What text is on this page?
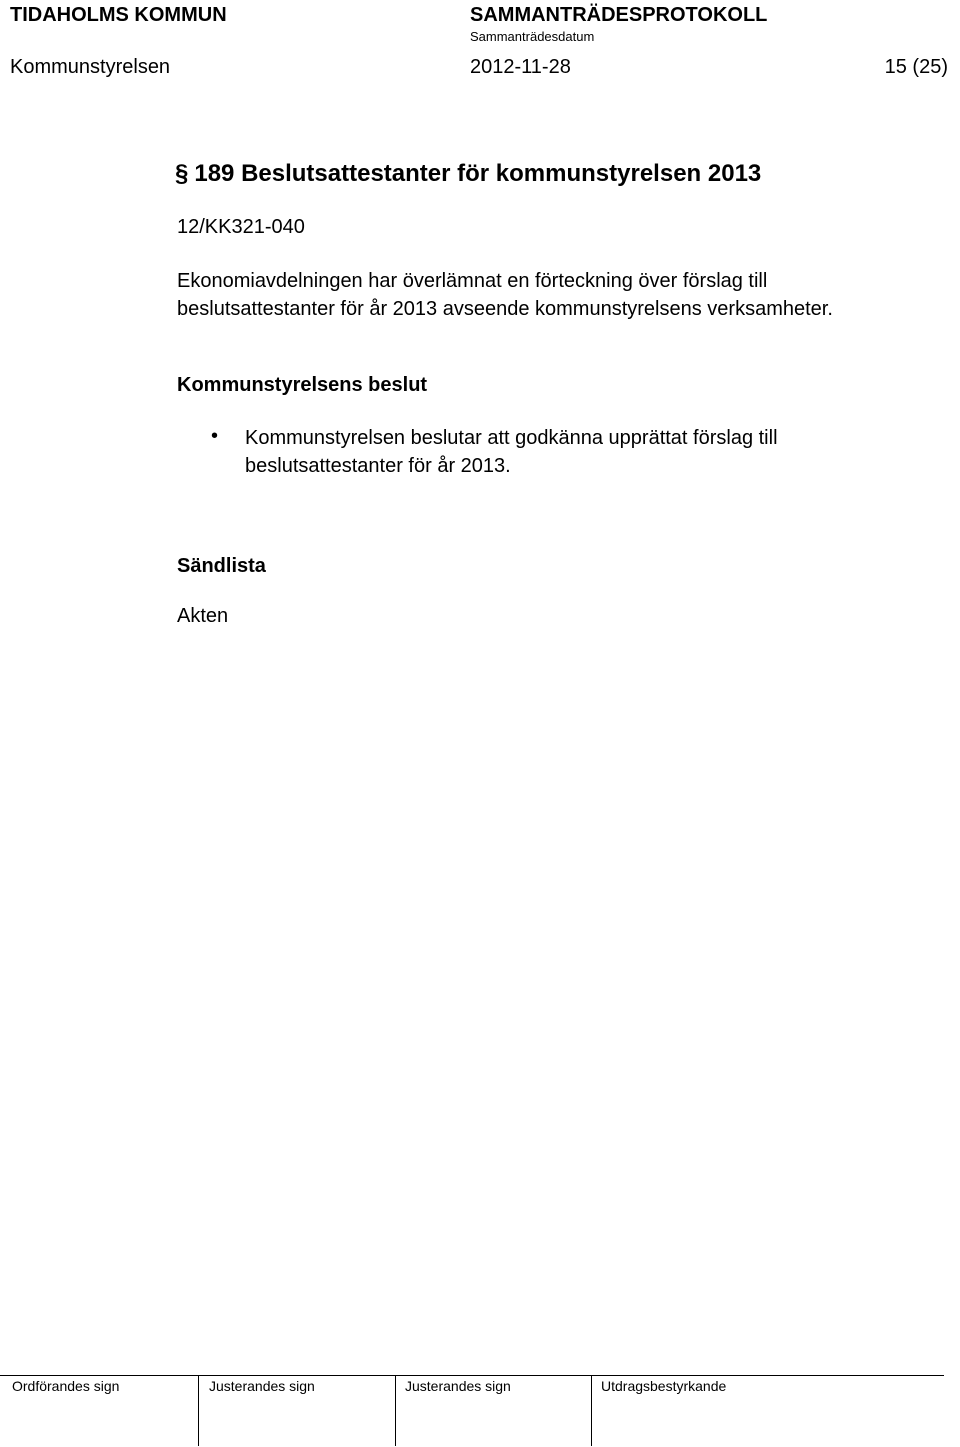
TIDAHOLMS KOMMUN	SAMMANTRÄDESPROTOKOLL
Sammanträdesdatum
Kommunstyrelsen	2012-11-28	15 (25)
§ 189 Beslutsattestanter för kommunstyrelsen 2013
12/KK321-040
Ekonomiavdelningen har överlämnat en förteckning över förslag till beslutsattestanter för år 2013 avseende kommunstyrelsens verksamheter.
Kommunstyrelsens beslut
• Kommunstyrelsen beslutar att godkänna upprättat förslag till beslutsattestanter för år 2013.
Sändlista
Akten
Ordförandes sign	Justerandes sign	Justerandes sign	Utdragsbestyrkande
